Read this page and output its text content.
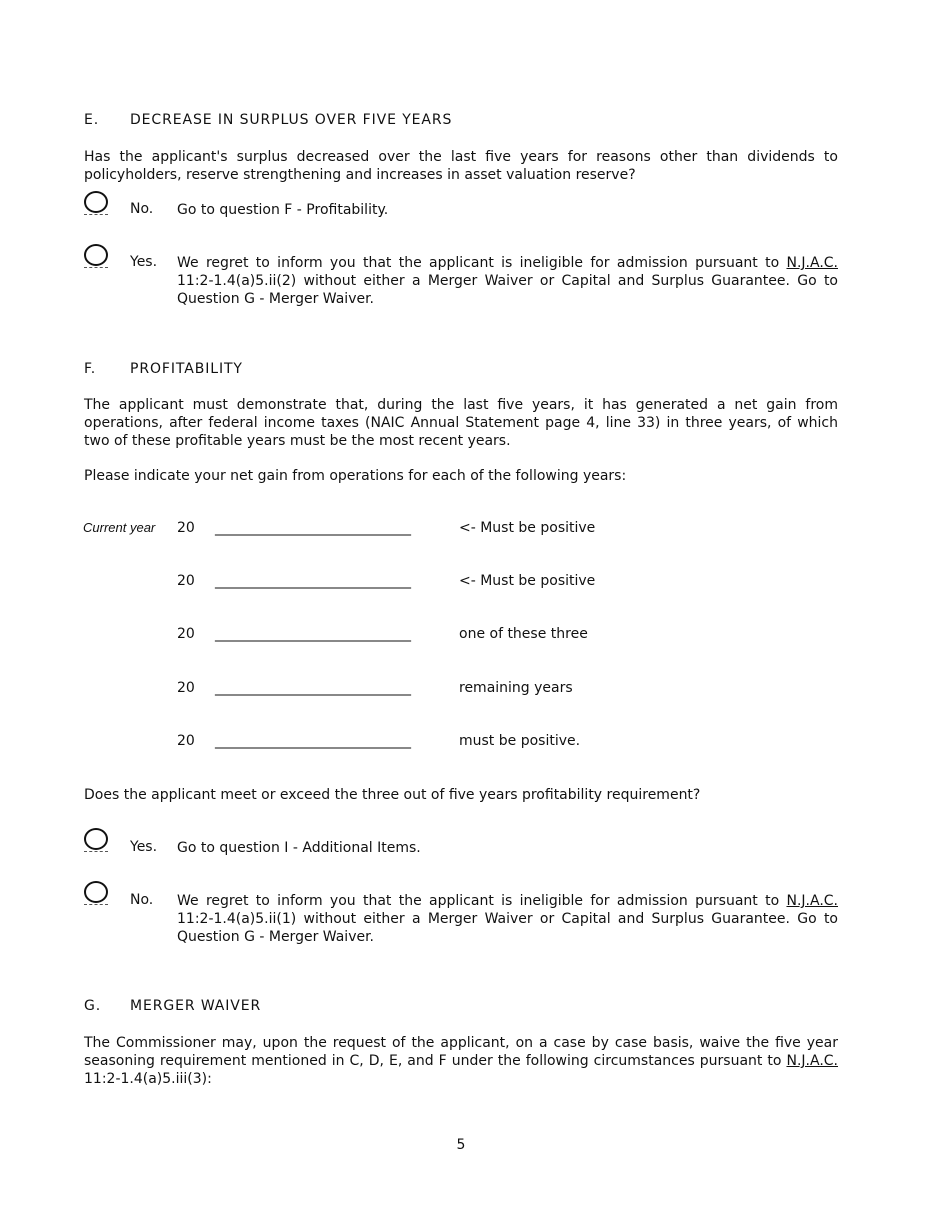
E. DECREASE IN SURPLUS OVER FIVE YEARS
Has the applicant's surplus decreased over the last five years for reasons other than dividends to policyholders, reserve strengthening and increases in asset valuation reserve?
No. Go to question F - Profitability.
Yes. We regret to inform you that the applicant is ineligible for admission pursuant to N.J.A.C. 11:2-1.4(a)5.ii(2) without either a Merger Waiver or Capital and Surplus Guarantee. Go to Question G - Merger Waiver.
F. PROFITABILITY
The applicant must demonstrate that, during the last five years, it has generated a net gain from operations, after federal income taxes (NAIC Annual Statement page 4, line 33) in three years, of which two of these profitable years must be the most recent years.
Please indicate your net gain from operations for each of the following years:
Current year 20 ____________________________	<- Must be positive
20 ____________________________	<- Must be positive
20 ____________________________	one of these three
20 ____________________________	remaining years
20 ____________________________	must be positive.
Does the applicant meet or exceed the three out of five years profitability requirement?
Yes. Go to question I - Additional Items.
No. We regret to inform you that the applicant is ineligible for admission pursuant to N.J.A.C. 11:2-1.4(a)5.ii(1) without either a Merger Waiver or Capital and Surplus Guarantee. Go to Question G - Merger Waiver.
G. MERGER WAIVER
The Commissioner may, upon the request of the applicant, on a case by case basis, waive the five year seasoning requirement mentioned in C, D, E, and F under the following circumstances pursuant to N.J.A.C. 11:2-1.4(a)5.iii(3):
5
